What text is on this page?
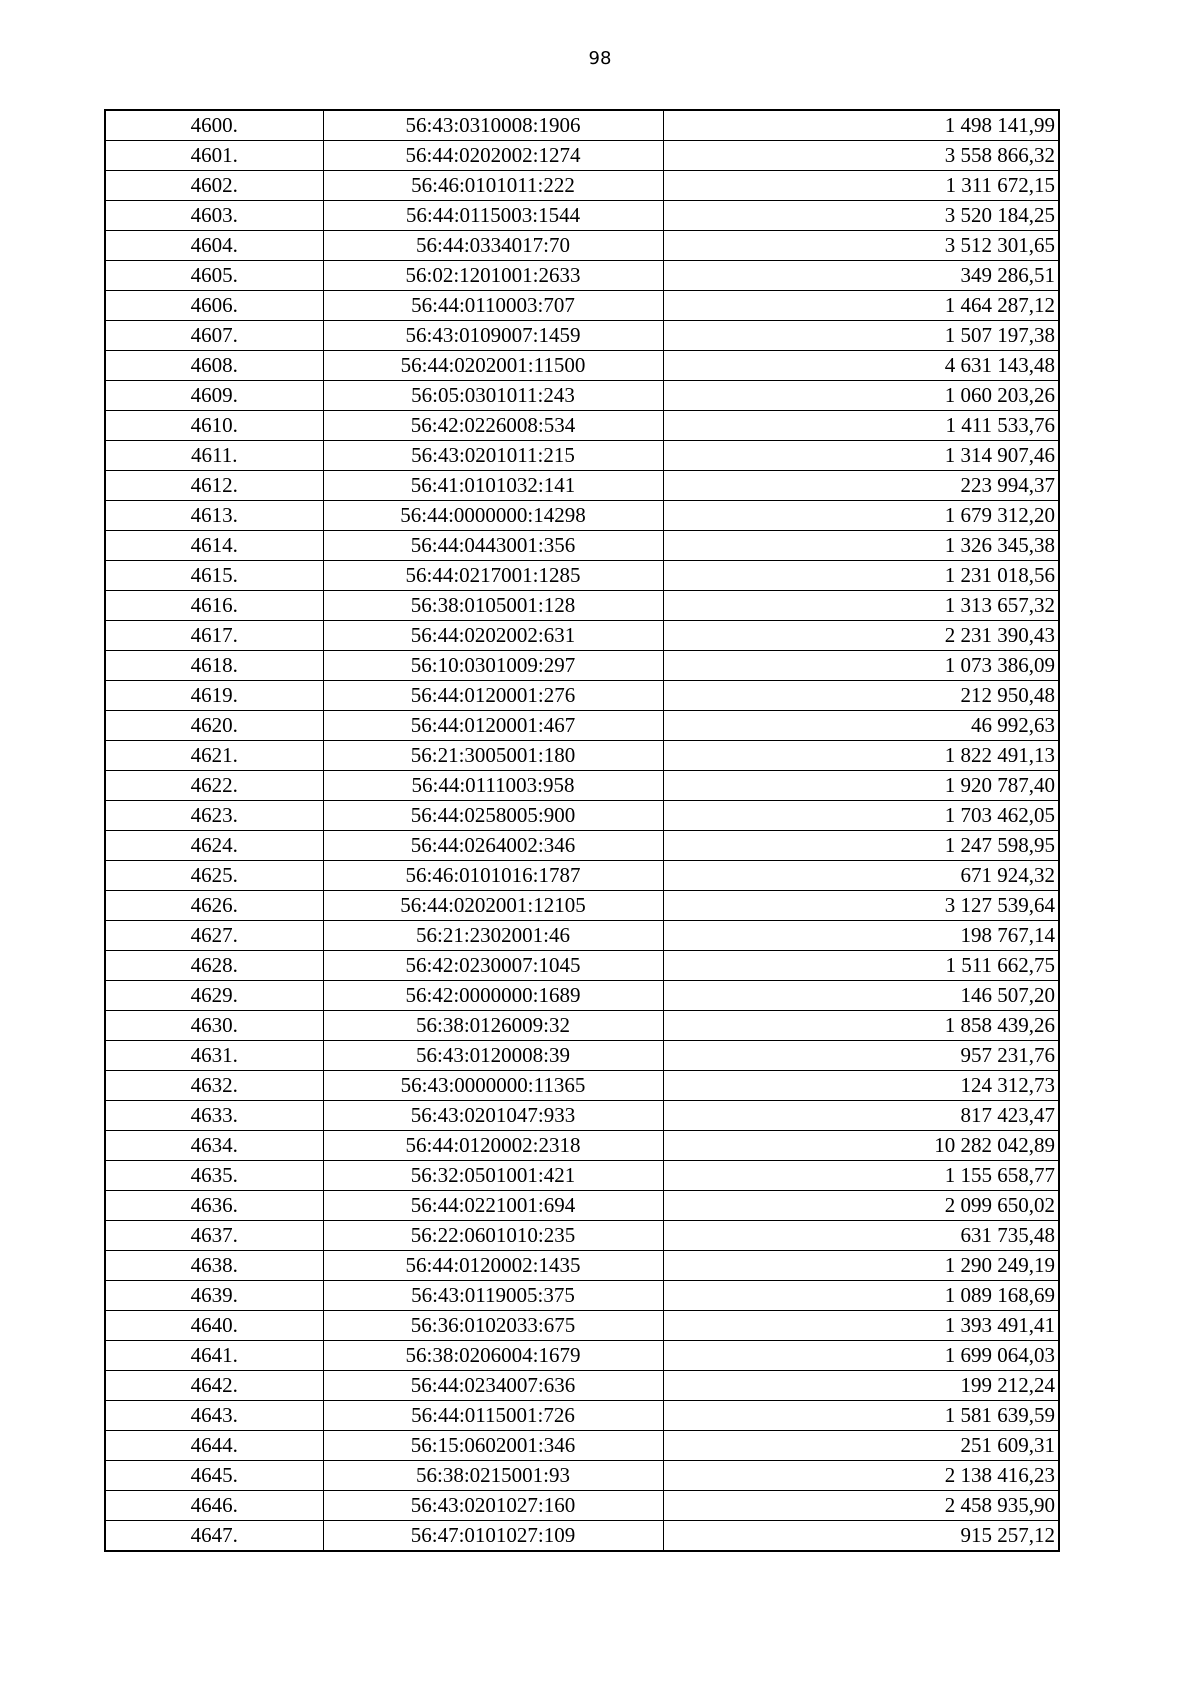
98
4600.	56:43:0310008:1906	1 498 141,99
4601.	56:44:0202002:1274	3 558 866,32
4602.	56:46:0101011:222	1 311 672,15
4603.	56:44:0115003:1544	3 520 184,25
4604.	56:44:0334017:70	3 512 301,65
4605.	56:02:1201001:2633	349 286,51
4606.	56:44:0110003:707	1 464 287,12
4607.	56:43:0109007:1459	1 507 197,38
4608.	56:44:0202001:11500	4 631 143,48
4609.	56:05:0301011:243	1 060 203,26
4610.	56:42:0226008:534	1 411 533,76
4611.	56:43:0201011:215	1 314 907,46
4612.	56:41:0101032:141	223 994,37
4613.	56:44:0000000:14298	1 679 312,20
4614.	56:44:0443001:356	1 326 345,38
4615.	56:44:0217001:1285	1 231 018,56
4616.	56:38:0105001:128	1 313 657,32
4617.	56:44:0202002:631	2 231 390,43
4618.	56:10:0301009:297	1 073 386,09
4619.	56:44:0120001:276	212 950,48
4620.	56:44:0120001:467	46 992,63
4621.	56:21:3005001:180	1 822 491,13
4622.	56:44:0111003:958	1 920 787,40
4623.	56:44:0258005:900	1 703 462,05
4624.	56:44:0264002:346	1 247 598,95
4625.	56:46:0101016:1787	671 924,32
4626.	56:44:0202001:12105	3 127 539,64
4627.	56:21:2302001:46	198 767,14
4628.	56:42:0230007:1045	1 511 662,75
4629.	56:42:0000000:1689	146 507,20
4630.	56:38:0126009:32	1 858 439,26
4631.	56:43:0120008:39	957 231,76
4632.	56:43:0000000:11365	124 312,73
4633.	56:43:0201047:933	817 423,47
4634.	56:44:0120002:2318	10 282 042,89
4635.	56:32:0501001:421	1 155 658,77
4636.	56:44:0221001:694	2 099 650,02
4637.	56:22:0601010:235	631 735,48
4638.	56:44:0120002:1435	1 290 249,19
4639.	56:43:0119005:375	1 089 168,69
4640.	56:36:0102033:675	1 393 491,41
4641.	56:38:0206004:1679	1 699 064,03
4642.	56:44:0234007:636	199 212,24
4643.	56:44:0115001:726	1 581 639,59
4644.	56:15:0602001:346	251 609,31
4645.	56:38:0215001:93	2 138 416,23
4646.	56:43:0201027:160	2 458 935,90
4647.	56:47:0101027:109	915 257,12
